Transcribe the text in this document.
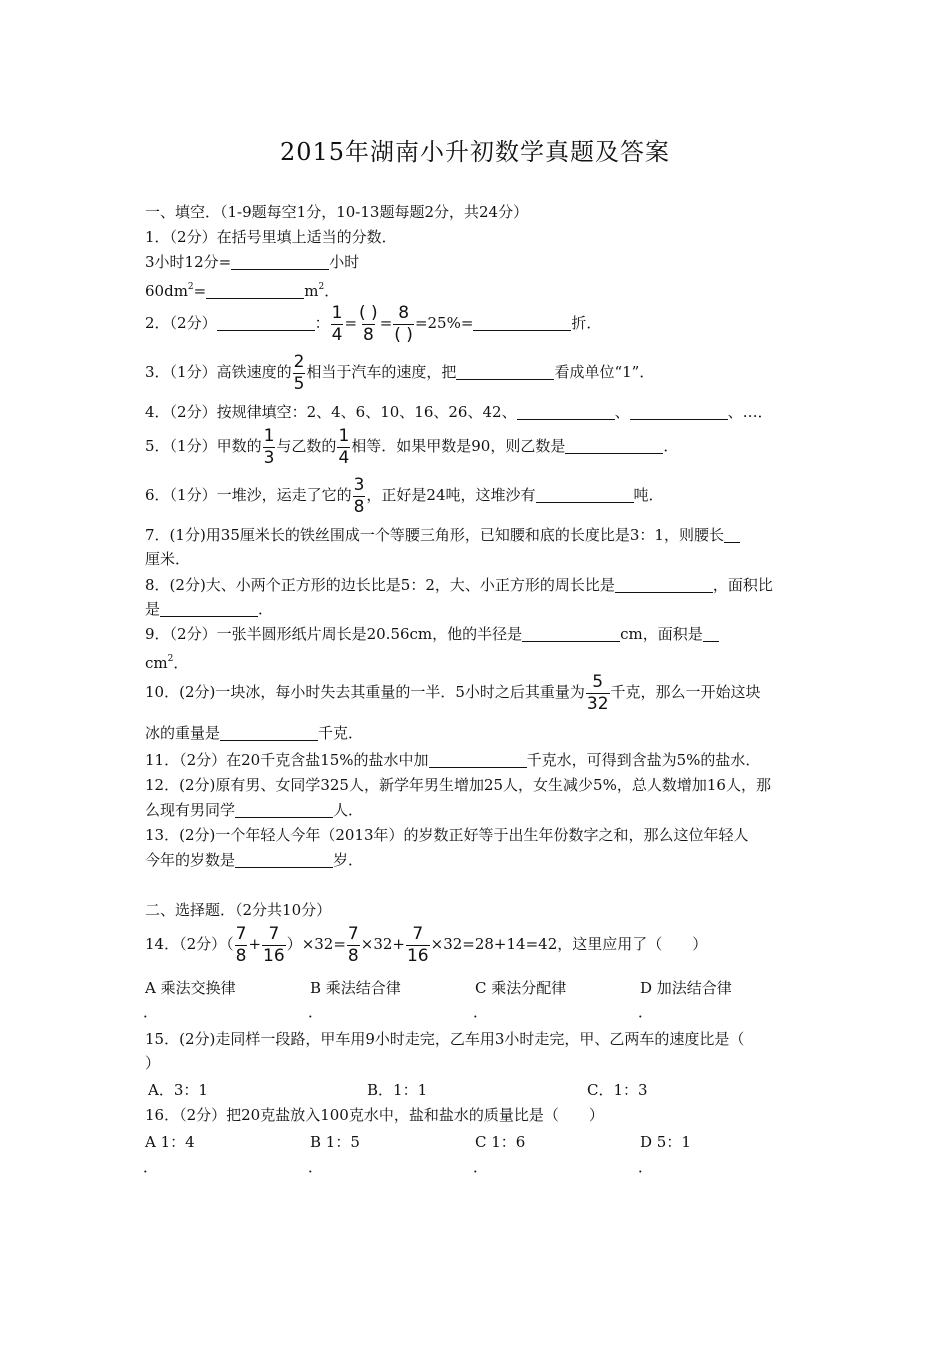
2015年湖南小升初数学真题及答案
一、填空．（1-9题每空1分，10-13题每题2分，共24分）
1．（2分）在括号里填上适当的分数．
3小时12分=	小时
$60dm^2=$	$m^2$．
2．（2分）	： $\frac{1}{4} = \frac{( )}{8} = \frac{8}{( )} =25\%=$	折．
3．（1分）高铁速度的 $\frac{2}{5}$ 相当于汽车的速度，把	看成单位“1”．
4．（2分）按规律填空：2、4、6、10、16、26、42、	、	、…．
5．（1分）甲数的 $\frac{1}{3}$ 与乙数的 $\frac{1}{4}$ 相等．如果甲数是90，则乙数是	．
6．（1分）一堆沙，运走了它的 $\frac{3}{8}$ ，正好是24吨，这堆沙有	吨．
7．(1分)用35厘米长的铁丝围成一个等腰三角形，已知腰和底的长度比是3：1，则腰长
厘米．
8．(2分)大、小两个正方形的边长比是5：2，大、小正方形的周长比是	，面积比
是	．
9．（2分）一张半圆形纸片周长是20.56cm，他的半径是	cm，面积是
$cm^2$．
10．(2分)一块冰，每小时失去其重量的一半．5小时之后其重量为 $\frac{5}{32}$ 千克，那么一开始这块
冰的重量是	千克．
11．（2分）在20千克含盐15%的盐水中加	千克水，可得到含盐为5%的盐水．
12．(2分)原有男、女同学325人，新学年男生增加25人，女生减少5%，总人数增加16人，那
么现有男同学	人．
13．(2分)一个年轻人今年（2013年）的岁数正好等于出生年份数字之和，那么这位年轻人
今年的岁数是	岁．
二、选择题．（2分共10分）
14．（2分）（ $\frac{7}{8} + \frac{7}{16} )\times 32= \frac{7}{8} \times 32+ \frac{7}{16} \times 32=28+14=42$，这里应用了（　　）
A 乘法交换律	B 乘法结合律	C 乘法分配律	D 加法结合律
．	．	．	．
15．(2分)走同样一段路，甲车用9小时走完，乙车用3小时走完，甲、乙两车的速度比是（
）
A．3：1	B．1：1	C．1：3
16．（2分）把20克盐放入100克水中，盐和盐水的质量比是（　　）
A 1：4	B 1：5	C 1：6	D 5：1
．	．	．	．
